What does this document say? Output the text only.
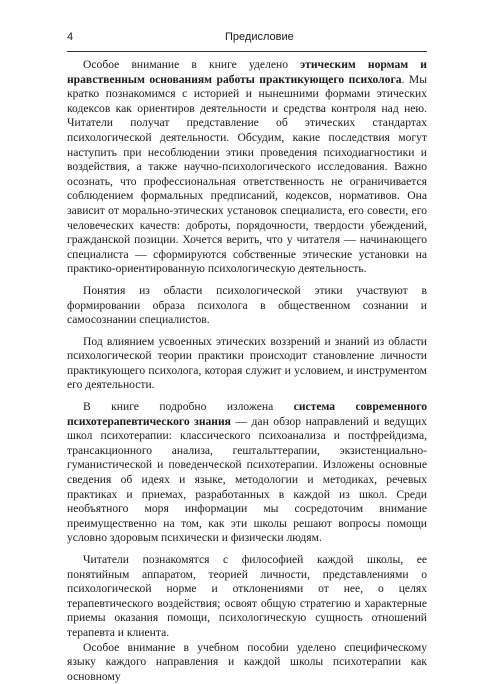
4	Предисловие

Особое внимание в книге уделено этическим нормам и нравственным основаниям работы практикующего психолога. Мы кратко познакомимся с историей и нынешними формами этических кодексов как ориентиров деятельности и средства контроля над нею. Читатели получат представление об этических стандартах психологической деятельности. Обсудим, какие последствия могут наступить при несоблюдении этики проведения психодиагностики и воздействия, а также научно-психологического исследования. Важно осознать, что профессиональная ответственность не ограничивается соблюдением формальных предписаний, кодексов, нормативов. Она зависит от морально-этических установок специалиста, его совести, его человеческих качеств: доброты, порядочности, твердости убеждений, гражданской позиции. Хочется верить, что у читателя — начинающего специалиста — сформируются собственные этические установки на практико-ориентированную психологическую деятельность.

Понятия из области психологической этики участвуют в формировании образа психолога в общественном сознании и самосознании специалистов.

Под влиянием усвоенных этических воззрений и знаний из области психологической теории практики происходит становление личности практикующего психолога, которая служит и условием, и инструментом его деятельности.

В книге подробно изложена система современного психотерапевтического знания — дан обзор направлений и ведущих школ психотерапии: классического психоанализа и постфрейдизма, трансакционного анализа, гештальттерапии, экзистенциально-гуманистической и поведенческой психотерапии. Изложены основные сведения об идеях и языке, методологии и методиках, речевых практиках и приемах, разработанных в каждой из школ. Среди необъятного моря информации мы сосредоточим внимание преимущественно на том, как эти школы решают вопросы помощи условно здоровым психически и физически людям.

Читатели познакомятся с философией каждой школы, ее понятийным аппаратом, теорией личности, представлениями о психологической норме и отклонениями от нее, о целях терапевтического воздействия; освоят общую стратегию и характерные приемы оказания помощи, психологическую сущность отношений терапевта и клиента.

Особое внимание в учебном пособии уделено специфическому языку каждого направления и каждой школы психотерапии как основному
